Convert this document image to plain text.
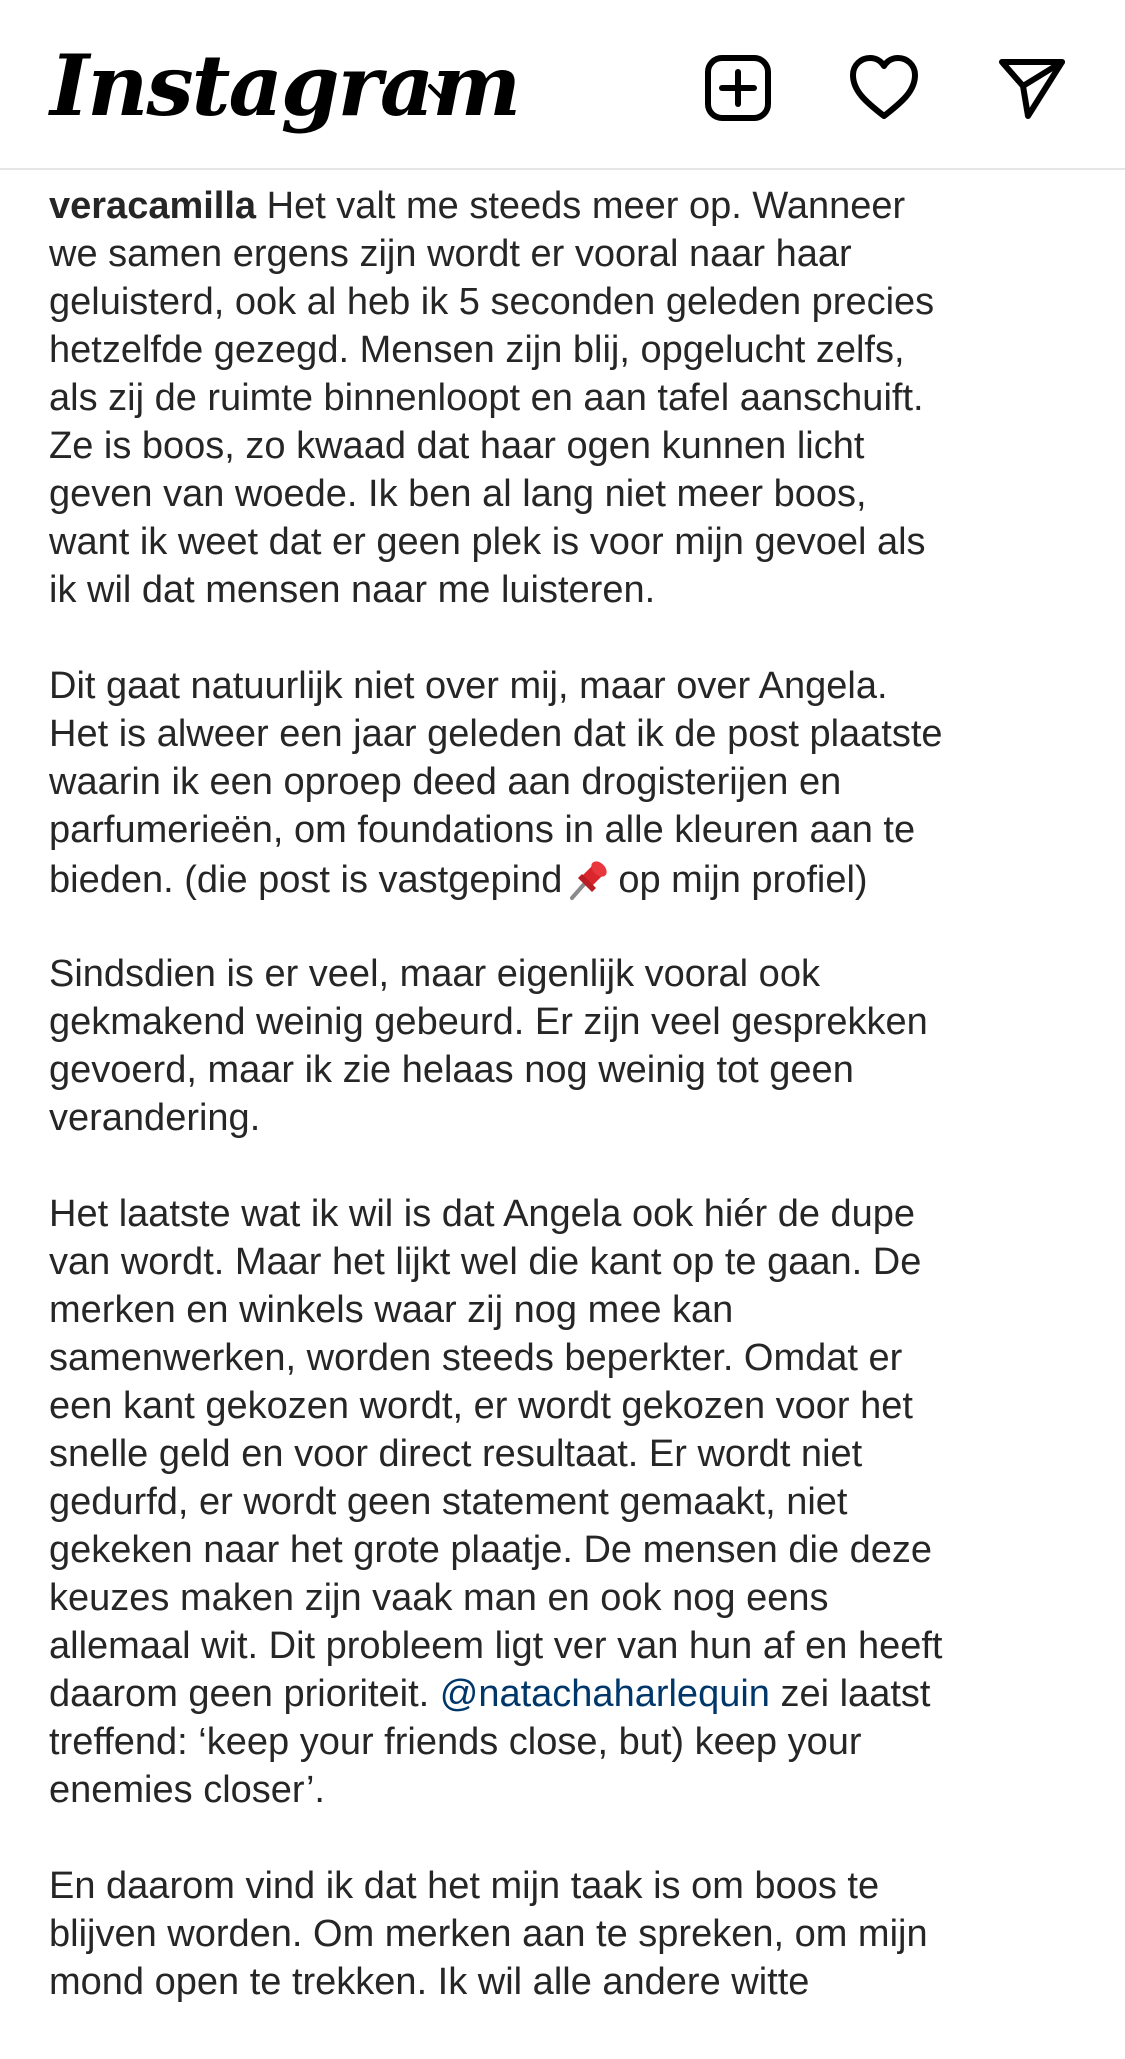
Instagram
veracamilla Het valt me steeds meer op. Wanneer
we samen ergens zijn wordt er vooral naar haar
geluisterd, ook al heb ik 5 seconden geleden precies
hetzelfde gezegd. Mensen zijn blij, opgelucht zelfs,
als zij de ruimte binnenloopt en aan tafel aanschuift.
Ze is boos, zo kwaad dat haar ogen kunnen licht
geven van woede. Ik ben al lang niet meer boos,
want ik weet dat er geen plek is voor mijn gevoel als
ik wil dat mensen naar me luisteren.
Dit gaat natuurlijk niet over mij, maar over Angela.
Het is alweer een jaar geleden dat ik de post plaatste
waarin ik een oproep deed aan drogisterijen en
parfumerieën, om foundations in alle kleuren aan te
bieden. (die post is vastgepind op mijn profiel)
Sindsdien is er veel, maar eigenlijk vooral ook
gekmakend weinig gebeurd. Er zijn veel gesprekken
gevoerd, maar ik zie helaas nog weinig tot geen
verandering.
Het laatste wat ik wil is dat Angela ook hiér de dupe
van wordt. Maar het lijkt wel die kant op te gaan. De
merken en winkels waar zij nog mee kan
samenwerken, worden steeds beperkter. Omdat er
een kant gekozen wordt, er wordt gekozen voor het
snelle geld en voor direct resultaat. Er wordt niet
gedurfd, er wordt geen statement gemaakt, niet
gekeken naar het grote plaatje. De mensen die deze
keuzes maken zijn vaak man en ook nog eens
allemaal wit. Dit probleem ligt ver van hun af en heeft
daarom geen prioriteit. @natachaharlequin zei laatst
treffend: ‘keep your friends close, but) keep your
enemies closer’.
En daarom vind ik dat het mijn taak is om boos te
blijven worden. Om merken aan te spreken, om mijn
mond open te trekken. Ik wil alle andere witte
